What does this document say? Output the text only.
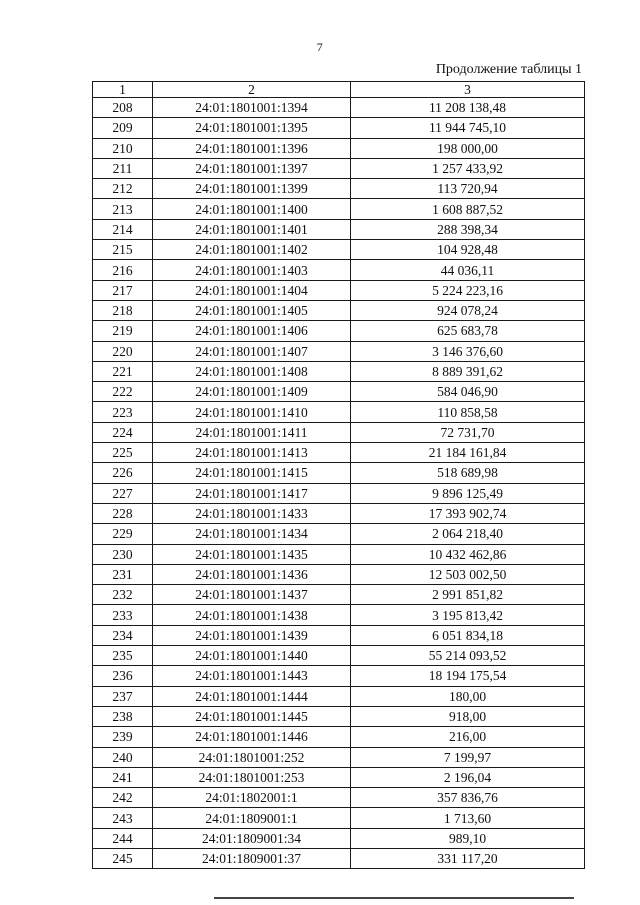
7
Продолжение таблицы 1
1	2	3
208	24:01:1801001:1394	11 208 138,48
209	24:01:1801001:1395	11 944 745,10
210	24:01:1801001:1396	198 000,00
211	24:01:1801001:1397	1 257 433,92
212	24:01:1801001:1399	113 720,94
213	24:01:1801001:1400	1 608 887,52
214	24:01:1801001:1401	288 398,34
215	24:01:1801001:1402	104 928,48
216	24:01:1801001:1403	44 036,11
217	24:01:1801001:1404	5 224 223,16
218	24:01:1801001:1405	924 078,24
219	24:01:1801001:1406	625 683,78
220	24:01:1801001:1407	3 146 376,60
221	24:01:1801001:1408	8 889 391,62
222	24:01:1801001:1409	584 046,90
223	24:01:1801001:1410	110 858,58
224	24:01:1801001:1411	72 731,70
225	24:01:1801001:1413	21 184 161,84
226	24:01:1801001:1415	518 689,98
227	24:01:1801001:1417	9 896 125,49
228	24:01:1801001:1433	17 393 902,74
229	24:01:1801001:1434	2 064 218,40
230	24:01:1801001:1435	10 432 462,86
231	24:01:1801001:1436	12 503 002,50
232	24:01:1801001:1437	2 991 851,82
233	24:01:1801001:1438	3 195 813,42
234	24:01:1801001:1439	6 051 834,18
235	24:01:1801001:1440	55 214 093,52
236	24:01:1801001:1443	18 194 175,54
237	24:01:1801001:1444	180,00
238	24:01:1801001:1445	918,00
239	24:01:1801001:1446	216,00
240	24:01:1801001:252	7 199,97
241	24:01:1801001:253	2 196,04
242	24:01:1802001:1	357 836,76
243	24:01:1809001:1	1 713,60
244	24:01:1809001:34	989,10
245	24:01:1809001:37	331 117,20
